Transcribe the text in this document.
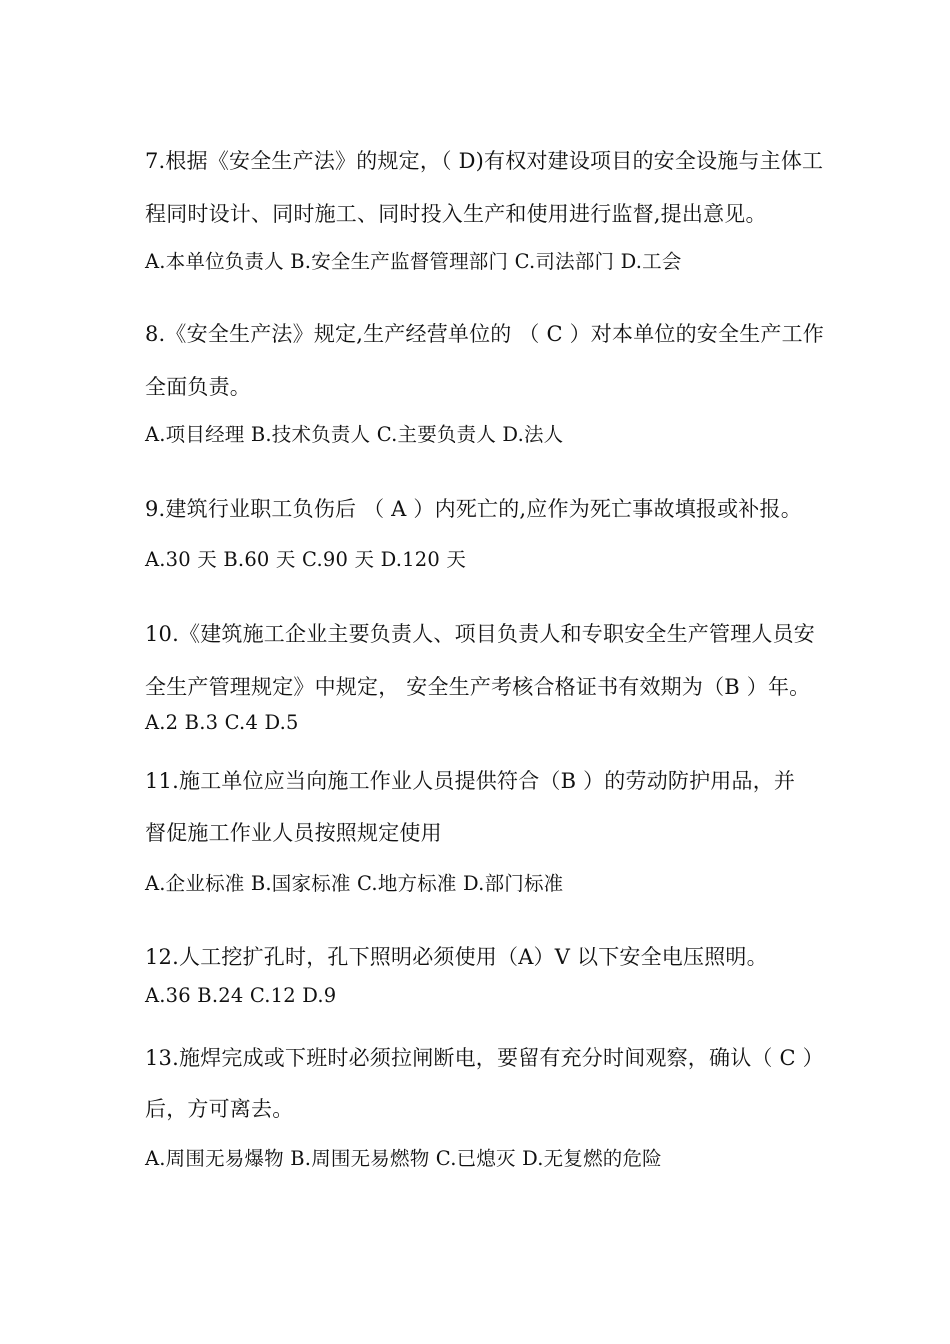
7.根据《安全生产法》的规定，（ D)有权对建设项目的安全设施与主体工
程同时设计、同时施工、同时投入生产和使用进行监督,提出意见。
A.本单位负责人 B.安全生产监督管理部门 C.司法部门 D.工会
8.《安全生产法》规定,生产经营单位的 （ C ）对本单位的安全生产工作
全面负责。
A.项目经理 B.技术负责人 C.主要负责人 D.法人
9.建筑行业职工负伤后 （ A ）内死亡的,应作为死亡事故填报或补报。
A.30 天 B.60 天 C.90 天 D.120 天
10.《建筑施工企业主要负责人、项目负责人和专职安全生产管理人员安
全生产管理规定》中规定， 安全生产考核合格证书有效期为（B ）年。
A.2 B.3 C.4 D.5
11.施工单位应当向施工作业人员提供符合（B ）的劳动防护用品，并
督促施工作业人员按照规定使用
A.企业标准 B.国家标准 C.地方标准 D.部门标准
12.人工挖扩孔时，孔下照明必须使用（A）V 以下安全电压照明。
A.36 B.24 C.12 D.9
13.施焊完成或下班时必须拉闸断电，要留有充分时间观察，确认（ C ）
后，方可离去。
A.周围无易爆物 B.周围无易燃物 C.已熄灭 D.无复燃的危险
